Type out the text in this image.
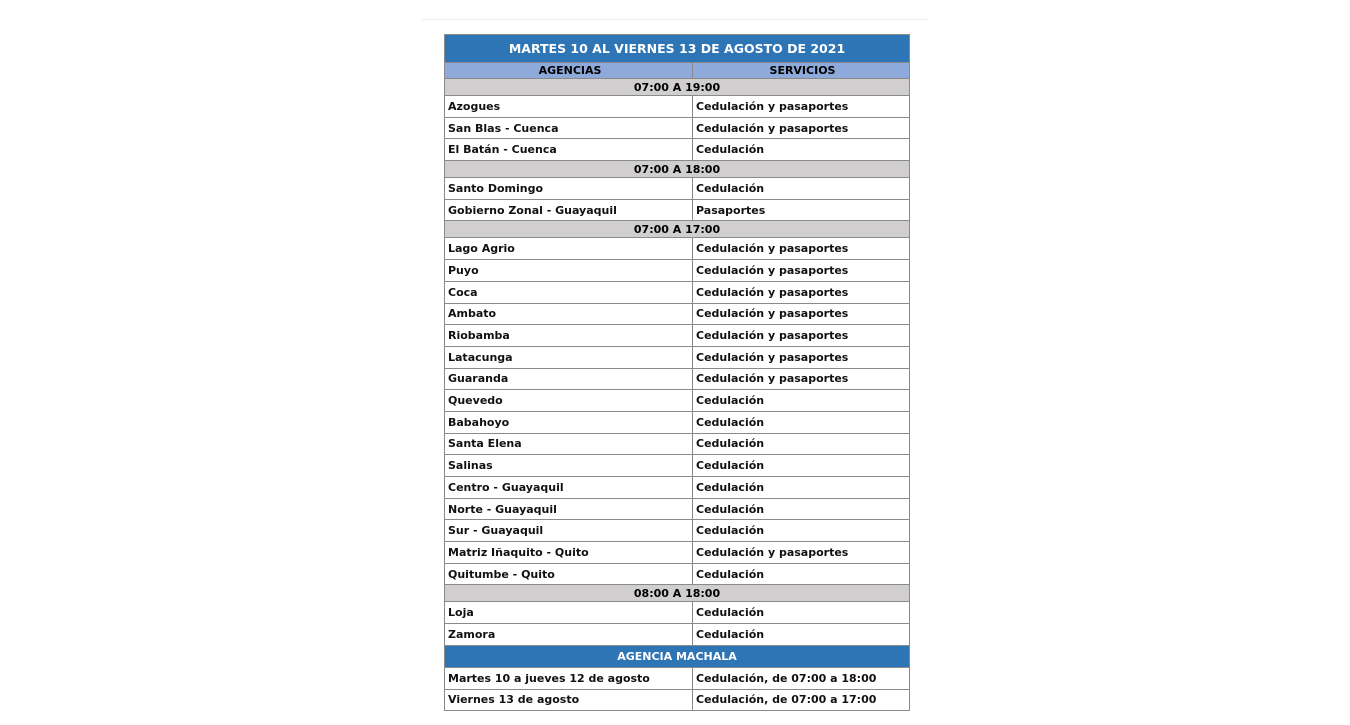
MARTES 10 AL VIERNES 13 DE AGOSTO DE 2021
AGENCIAS	SERVICIOS
07:00 A 19:00
Azogues	Cedulación y pasaportes
San Blas - Cuenca	Cedulación y pasaportes
El Batán - Cuenca	Cedulación
07:00 A 18:00
Santo Domingo	Cedulación
Gobierno Zonal - Guayaquil	Pasaportes
07:00 A 17:00
Lago Agrio	Cedulación y pasaportes
Puyo	Cedulación y pasaportes
Coca	Cedulación y pasaportes
Ambato	Cedulación y pasaportes
Riobamba	Cedulación y pasaportes
Latacunga	Cedulación y pasaportes
Guaranda	Cedulación y pasaportes
Quevedo	Cedulación
Babahoyo	Cedulación
Santa Elena	Cedulación
Salinas	Cedulación
Centro - Guayaquil	Cedulación
Norte - Guayaquil	Cedulación
Sur - Guayaquil	Cedulación
Matriz Iñaquito - Quito	Cedulación y pasaportes
Quitumbe - Quito	Cedulación
08:00 A 18:00
Loja	Cedulación
Zamora	Cedulación
AGENCIA MACHALA
Martes 10 a jueves 12 de agosto	Cedulación, de 07:00 a 18:00
Viernes 13 de agosto	Cedulación, de 07:00 a 17:00
